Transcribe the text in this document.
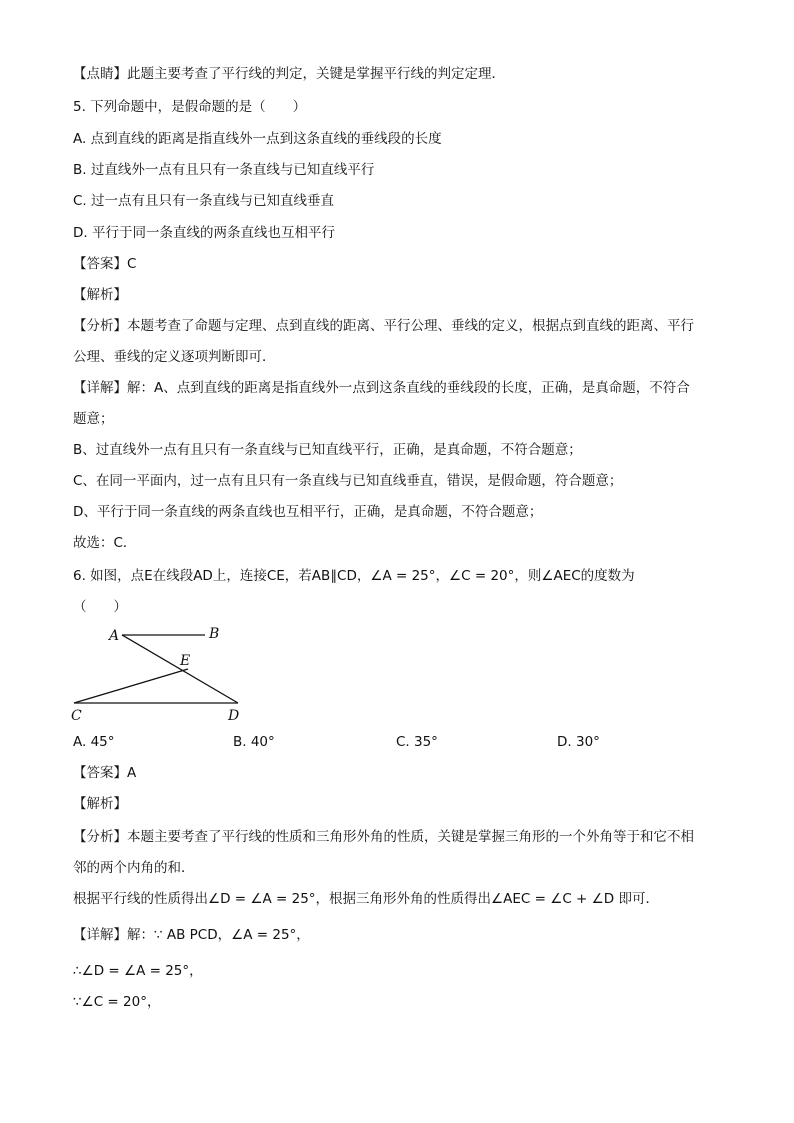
【点睛】此题主要考查了平行线的判定，关键是掌握平行线的判定定理．
5. 下列命题中，是假命题的是（　　）
A. 点到直线的距离是指直线外一点到这条直线的垂线段的长度
B. 过直线外一点有且只有一条直线与已知直线平行
C. 过一点有且只有一条直线与已知直线垂直
D. 平行于同一条直线的两条直线也互相平行
【答案】C
【解析】
【分析】本题考查了命题与定理、点到直线的距离、平行公理、垂线的定义，根据点到直线的距离、平行
公理、垂线的定义逐项判断即可．
【详解】解：A、点到直线的距离是指直线外一点到这条直线的垂线段的长度，正确，是真命题，不符合
题意；
B、过直线外一点有且只有一条直线与已知直线平行，正确，是真命题，不符合题意；
C、在同一平面内，过一点有且只有一条直线与已知直线垂直，错误，是假命题，符合题意；
D、平行于同一条直线的两条直线也互相平行，正确，是真命题，不符合题意；
故选：C．
6. 如图，点E在线段AD上，连接CE，若AB∥CD，∠A = 25°，∠C = 20°，则∠AEC的度数为
（　　）
A	B
E
C	D
A. 45°	B. 40°	C. 35°	D. 30°
【答案】A
【解析】
【分析】本题主要考查了平行线的性质和三角形外角的性质，关键是掌握三角形的一个外角等于和它不相
邻的两个内角的和．
根据平行线的性质得出∠D = ∠A = 25°，根据三角形外角的性质得出∠AEC = ∠C + ∠D 即可．
【详解】解：∵ AB PCD，∠A = 25°，
∴∠D = ∠A = 25°，
∵∠C = 20°，
